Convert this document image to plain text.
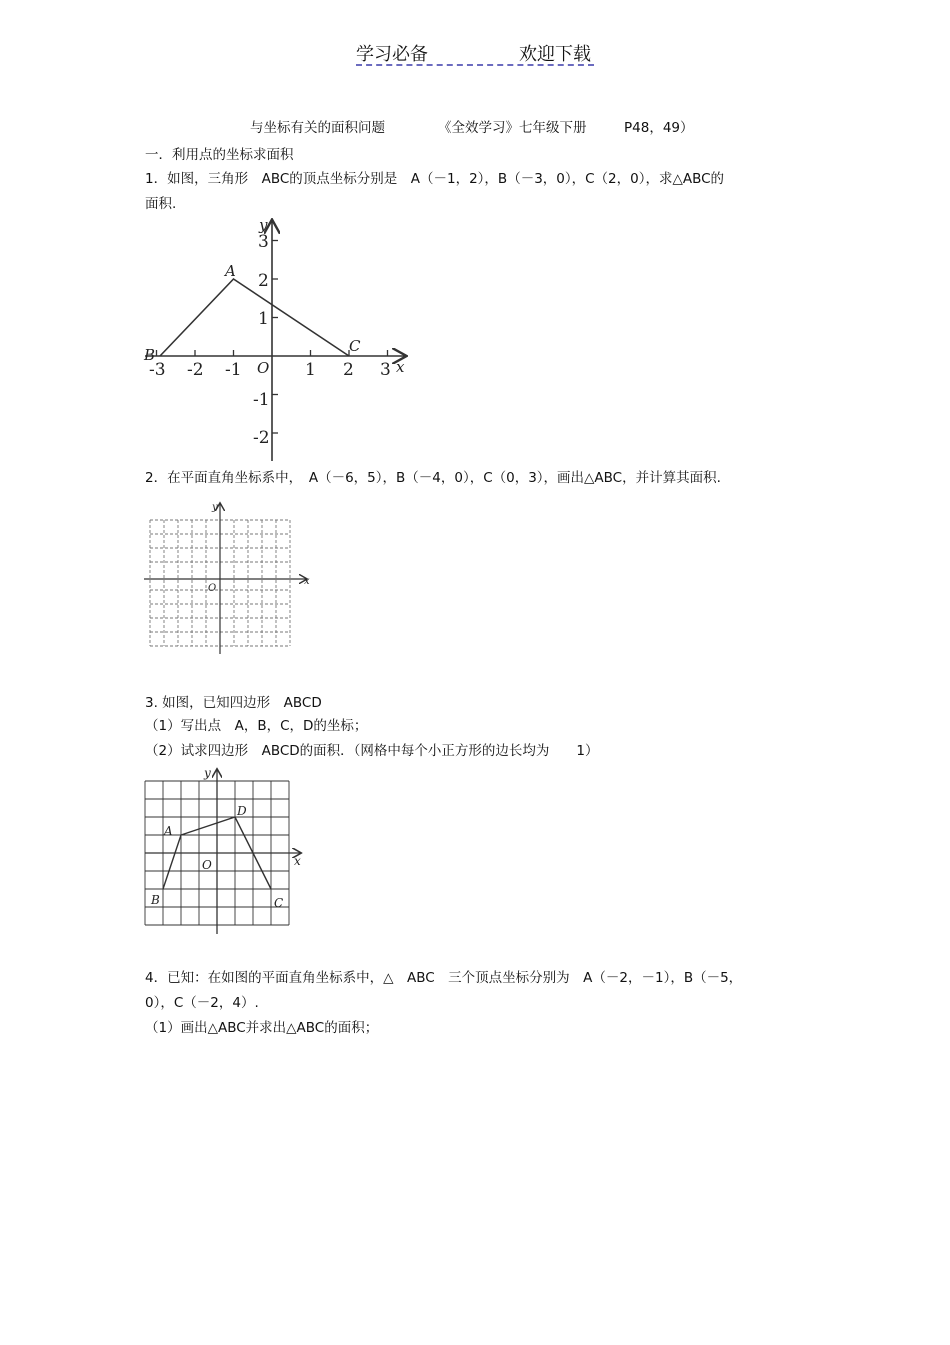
学习必备	欢迎下载
与坐标有关的面积问题	《全效学习》七年级下册	P48，49）
一．利用点的坐标求面积
1．如图，三角形　ABC的顶点坐标分别是　A（－1，2），B（－3，0），C（2，0），求△ABC的
面积.
-3 -2 -1	1 2 3
3
2
1
-1
-2
O	x
y
A
B	C
2．在平面直角坐标系中，　A（－6，5），B（－4，0），C（0，3），画出△ABC，并计算其面积.
O
x
y
3. 如图，已知四边形　ABCD
（1）写出点　A，B，C，D的坐标；
（2）试求四边形　ABCD的面积．（网格中每个小正方形的边长均为　　1）
O	x
y
A
B	C
D
4．已知：在如图的平面直角坐标系中，△　ABC　三个顶点坐标分别为　A（－2，－1），B（－5，
0），C（－2，4）.
（1）画出△ABC并求出△ABC的面积；
